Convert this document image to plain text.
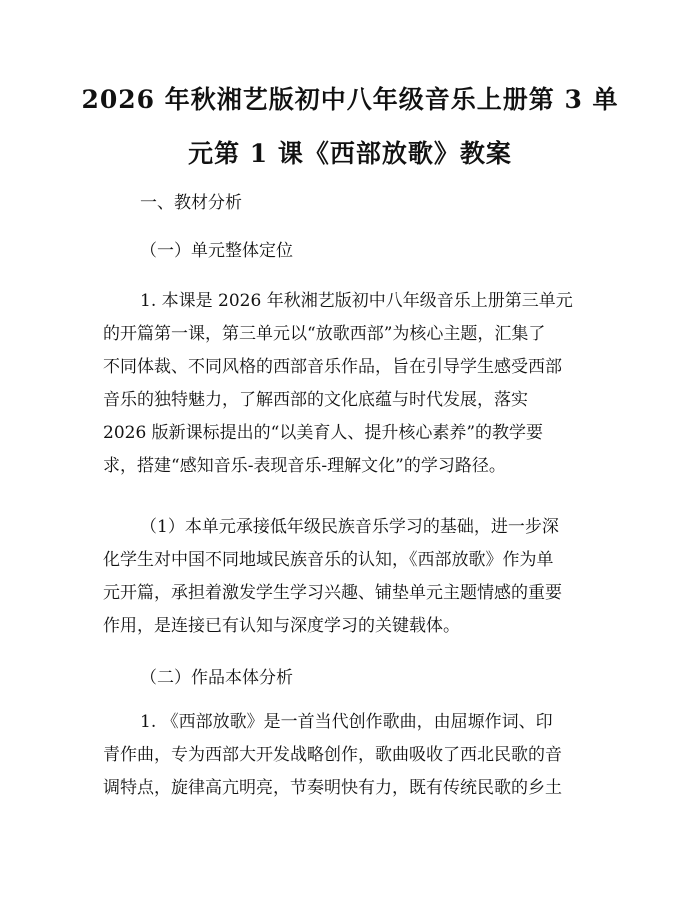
2026 年秋湘艺版初中八年级音乐上册第 3 单
元第 1 课《西部放歌》教案
一、教材分析
（一）单元整体定位
1. 本课是 2026 年秋湘艺版初中八年级音乐上册第三单元
的开篇第一课，第三单元以“放歌西部”为核心主题，汇集了
不同体裁、不同风格的西部音乐作品，旨在引导学生感受西部
音乐的独特魅力，了解西部的文化底蕴与时代发展，落实
2026 版新课标提出的“以美育人、提升核心素养”的教学要
求，搭建“感知音乐-表现音乐-理解文化”的学习路径。
（1）本单元承接低年级民族音乐学习的基础，进一步深
化学生对中国不同地域民族音乐的认知，《西部放歌》作为单
元开篇，承担着激发学生学习兴趣、铺垫单元主题情感的重要
作用，是连接已有认知与深度学习的关键载体。
（二）作品本体分析
1. 《西部放歌》是一首当代创作歌曲，由屈塬作词、印
青作曲，专为西部大开发战略创作，歌曲吸收了西北民歌的音
调特点，旋律高亢明亮，节奏明快有力，既有传统民歌的乡土
